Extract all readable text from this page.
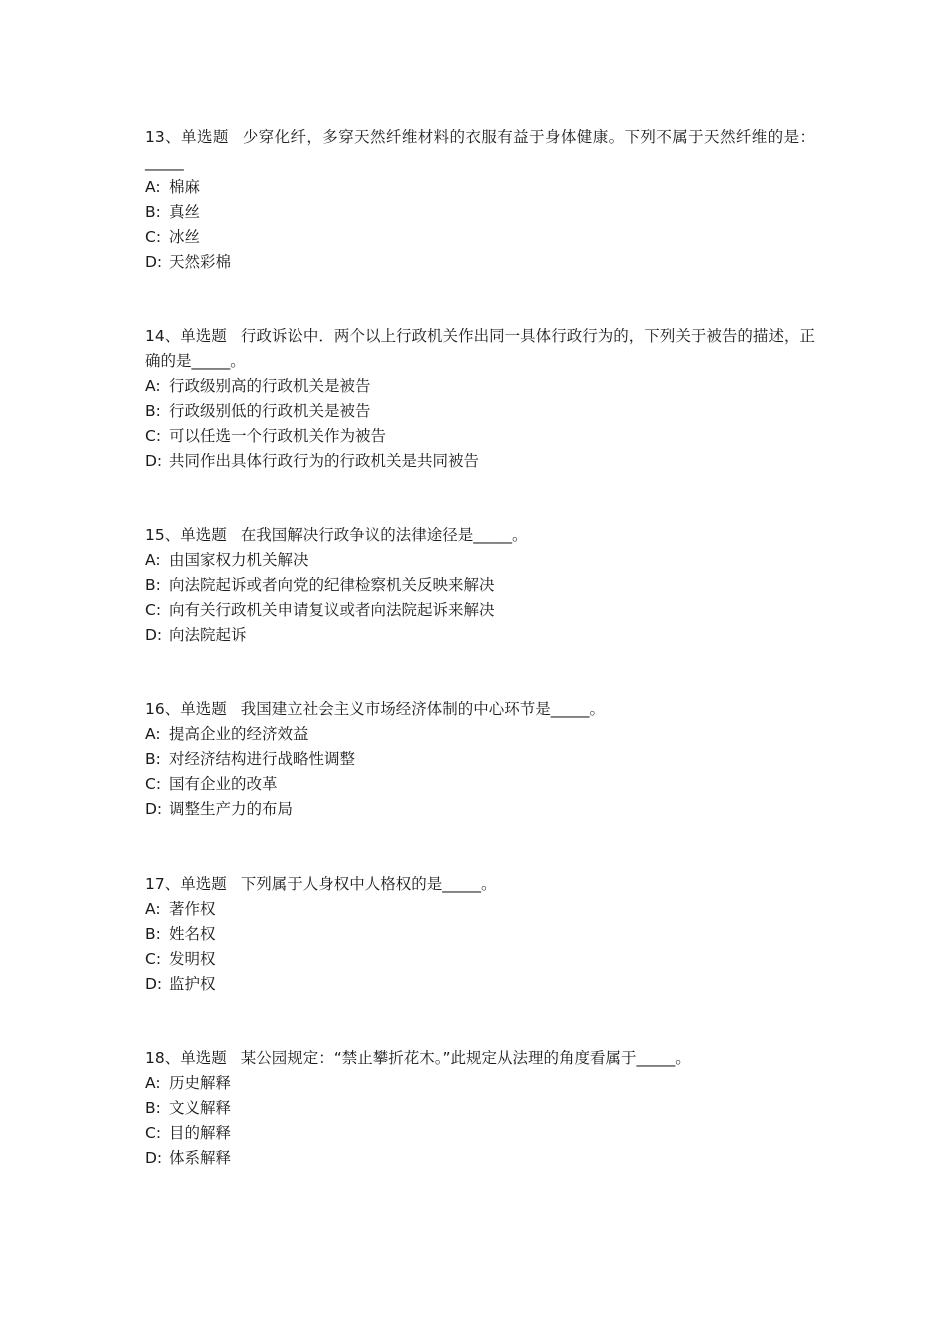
13、单选题 少穿化纤，多穿天然纤维材料的衣服有益于身体健康。下列不属于天然纤维的是：_____

A: 棉麻

B: 真丝

C: 冰丝

D: 天然彩棉

14、单选题 行政诉讼中．两个以上行政机关作出同一具体行政行为的，下列关于被告的描述，正确的是_____。

A: 行政级别高的行政机关是被告

B: 行政级别低的行政机关是被告

C: 可以任选一个行政机关作为被告

D: 共同作出具体行政行为的行政机关是共同被告

15、单选题 在我国解决行政争议的法律途径是_____。

A: 由国家权力机关解决

B: 向法院起诉或者向党的纪律检察机关反映来解决

C: 向有关行政机关申请复议或者向法院起诉来解决

D: 向法院起诉

16、单选题 我国建立社会主义市场经济体制的中心环节是_____。

A: 提高企业的经济效益

B: 对经济结构进行战略性调整

C: 国有企业的改革

D: 调整生产力的布局

17、单选题 下列属于人身权中人格权的是_____。

A: 著作权

B: 姓名权

C: 发明权

D: 监护权

18、单选题 某公园规定：“禁止攀折花木。”此规定从法理的角度看属于_____。

A: 历史解释

B: 文义解释

C: 目的解释

D: 体系解释
